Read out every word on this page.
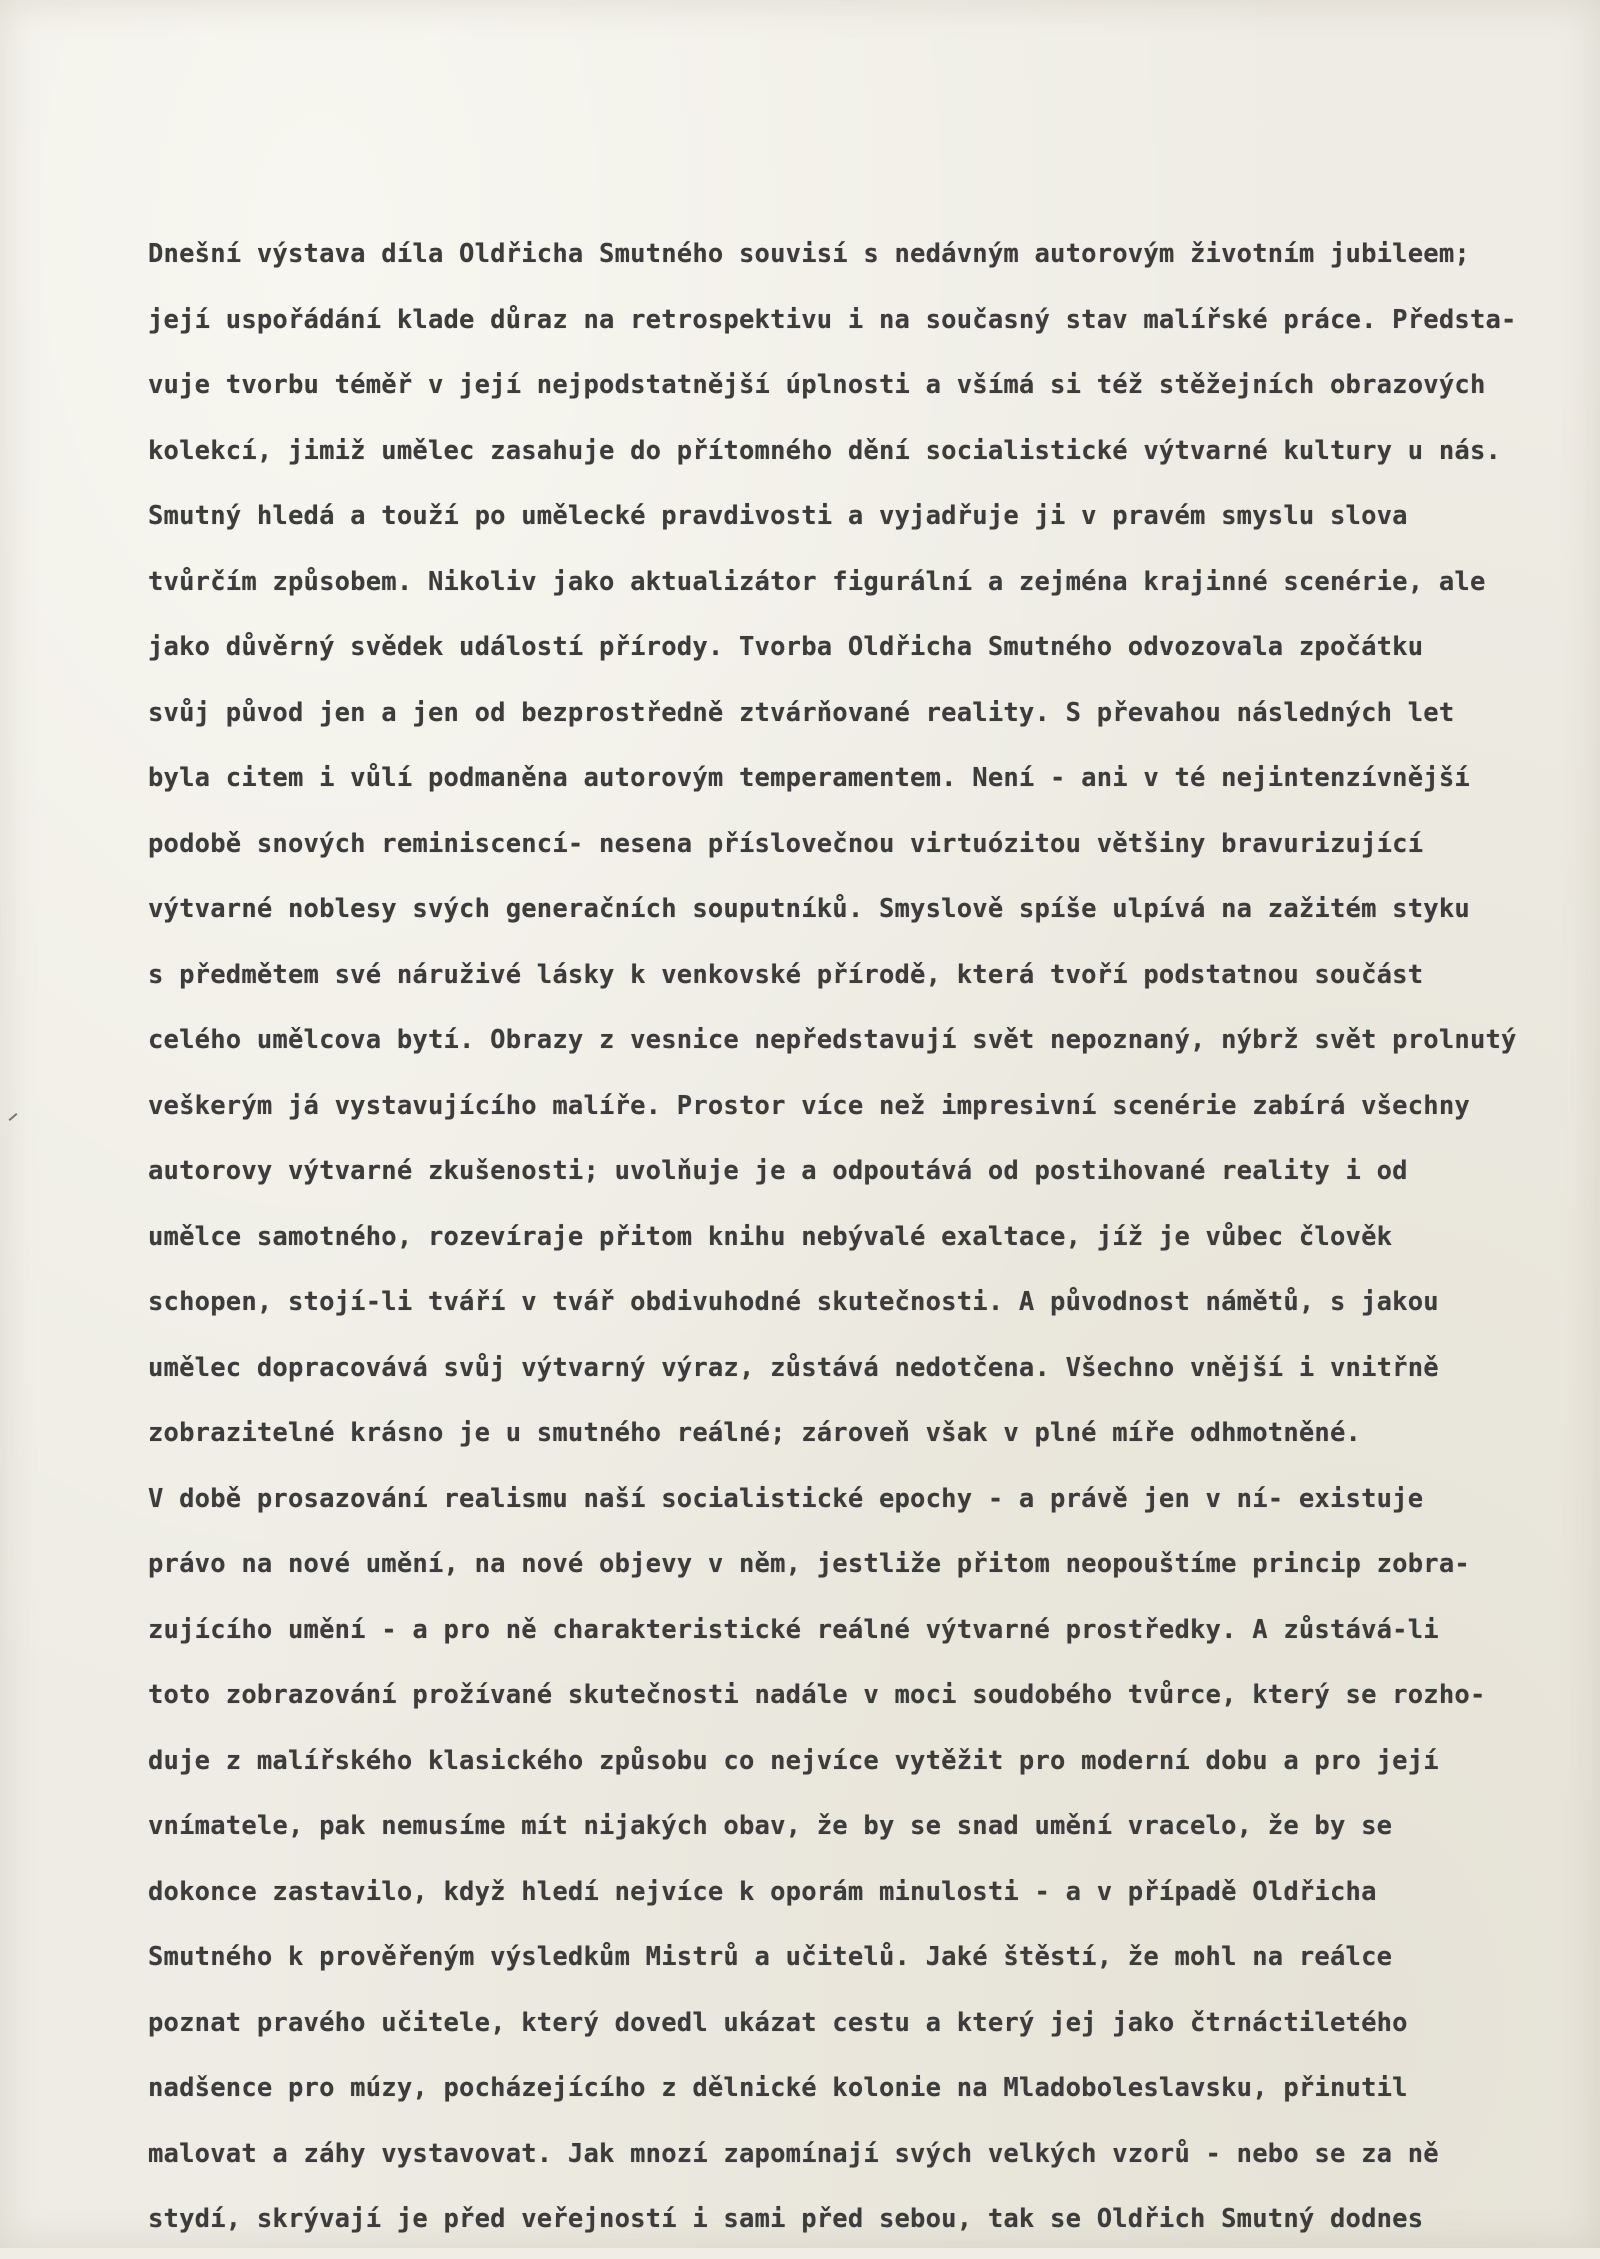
Dnešní výstava díla Oldřicha Smutného souvisí s nedávným autorovým životním jubileem;
její uspořádání klade důraz na retrospektivu i na současný stav malířské práce. Předsta-
vuje tvorbu téměř v její nejpodstatnější úplnosti a všímá si též stěžejních obrazových
kolekcí, jimiž umělec zasahuje do přítomného dění socialistické výtvarné kultury u nás.
Smutný hledá a touží po umělecké pravdivosti a vyjadřuje ji v pravém smyslu slova
tvůrčím způsobem. Nikoliv jako aktualizátor figurální a zejména krajinné scenérie, ale
jako důvěrný svědek událostí přírody. Tvorba Oldřicha Smutného odvozovala zpočátku
svůj původ jen a jen od bezprostředně ztvárňované reality. S převahou následných let
byla citem i vůlí podmaněna autorovým temperamentem. Není - ani v té nejintenzívnější
podobě snových reminiscencí- nesena příslovečnou virtuózitou většiny bravurizující
výtvarné noblesy svých generačních souputníků. Smyslově spíše ulpívá na zažitém styku
s předmětem své náruživé lásky k venkovské přírodě, která tvoří podstatnou součást
celého umělcova bytí. Obrazy z vesnice nepředstavují svět nepoznaný, nýbrž svět prolnutý
veškerým já vystavujícího malíře. Prostor více než impresivní scenérie zabírá všechny
autorovy výtvarné zkušenosti; uvolňuje je a odpoutává od postihované reality i od
umělce samotného, rozevíraje přitom knihu nebývalé exaltace, jíž je vůbec člověk
schopen, stojí-li tváří v tvář obdivuhodné skutečnosti. A původnost námětů, s jakou
umělec dopracovává svůj výtvarný výraz, zůstává nedotčena. Všechno vnější i vnitřně
zobrazitelné krásno je u smutného reálné; zároveň však v plné míře odhmotněné.
V době prosazování realismu naší socialistické epochy - a právě jen v ní- existuje
právo na nové umění, na nové objevy v něm, jestliže přitom neopouštíme princip zobra-
zujícího umění - a pro ně charakteristické reálné výtvarné prostředky. A zůstává-li
toto zobrazování prožívané skutečnosti nadále v moci soudobého tvůrce, který se rozho-
duje z malířského klasického způsobu co nejvíce vytěžit pro moderní dobu a pro její
vnímatele, pak nemusíme mít nijakých obav, že by se snad umění vracelo, že by se
dokonce zastavilo, když hledí nejvíce k oporám minulosti - a v případě Oldřicha
Smutného k prověřeným výsledkům Mistrů a učitelů. Jaké štěstí, že mohl na reálce
poznat pravého učitele, který dovedl ukázat cestu a který jej jako čtrnáctiletého
nadšence pro múzy, pocházejícího z dělnické kolonie na Mladoboleslavsku, přinutil
malovat a záhy vystavovat. Jak mnozí zapomínají svých velkých vzorů - nebo se za ně
stydí, skrývají je před veřejností i sami před sebou, tak se Oldřich Smutný dodnes
